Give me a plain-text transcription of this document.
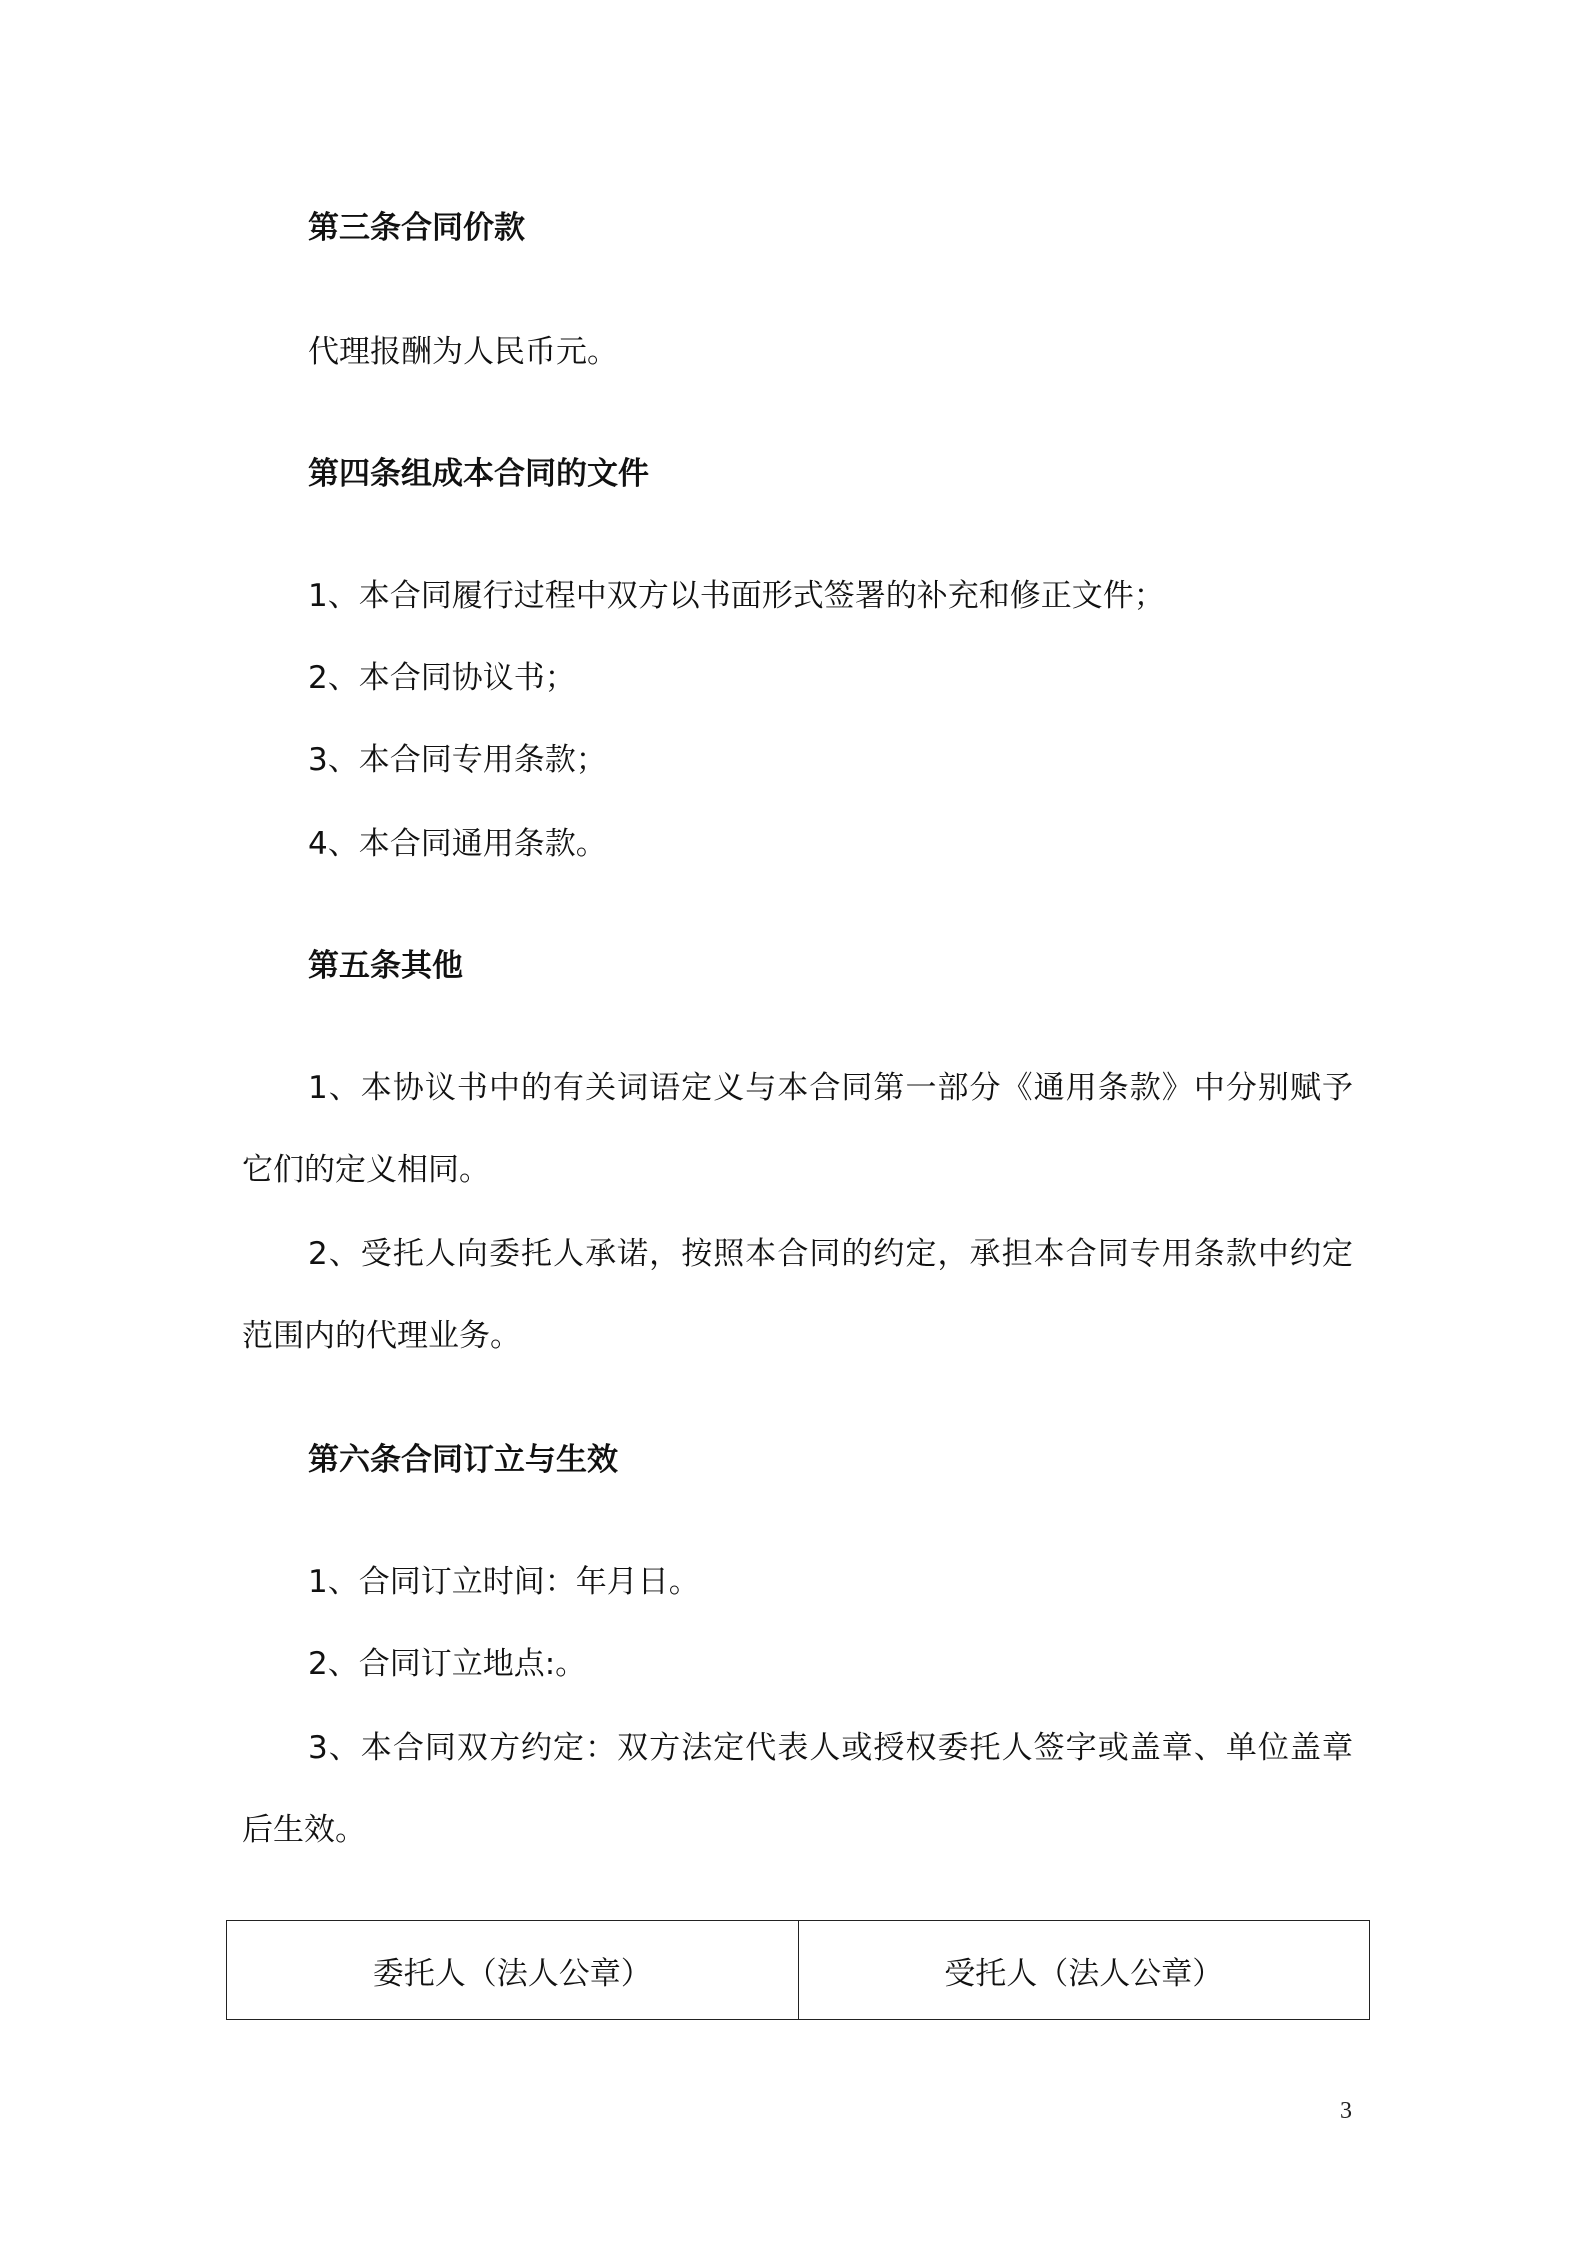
第三条合同价款
代理报酬为人民币元。
第四条组成本合同的文件
1、本合同履行过程中双方以书面形式签署的补充和修正文件；
2、本合同协议书；
3、本合同专用条款；
4、本合同通用条款。
第五条其他
1、本协议书中的有关词语定义与本合同第一部分《通用条款》中分别赋予
它们的定义相同。
2、受托人向委托人承诺，按照本合同的约定，承担本合同专用条款中约定
范围内的代理业务。
第六条合同订立与生效
1、合同订立时间：年月日。
2、合同订立地点:。
3、本合同双方约定：双方法定代表人或授权委托人签字或盖章、单位盖章
后生效。
委托人（法人公章）	受托人（法人公章）
3
